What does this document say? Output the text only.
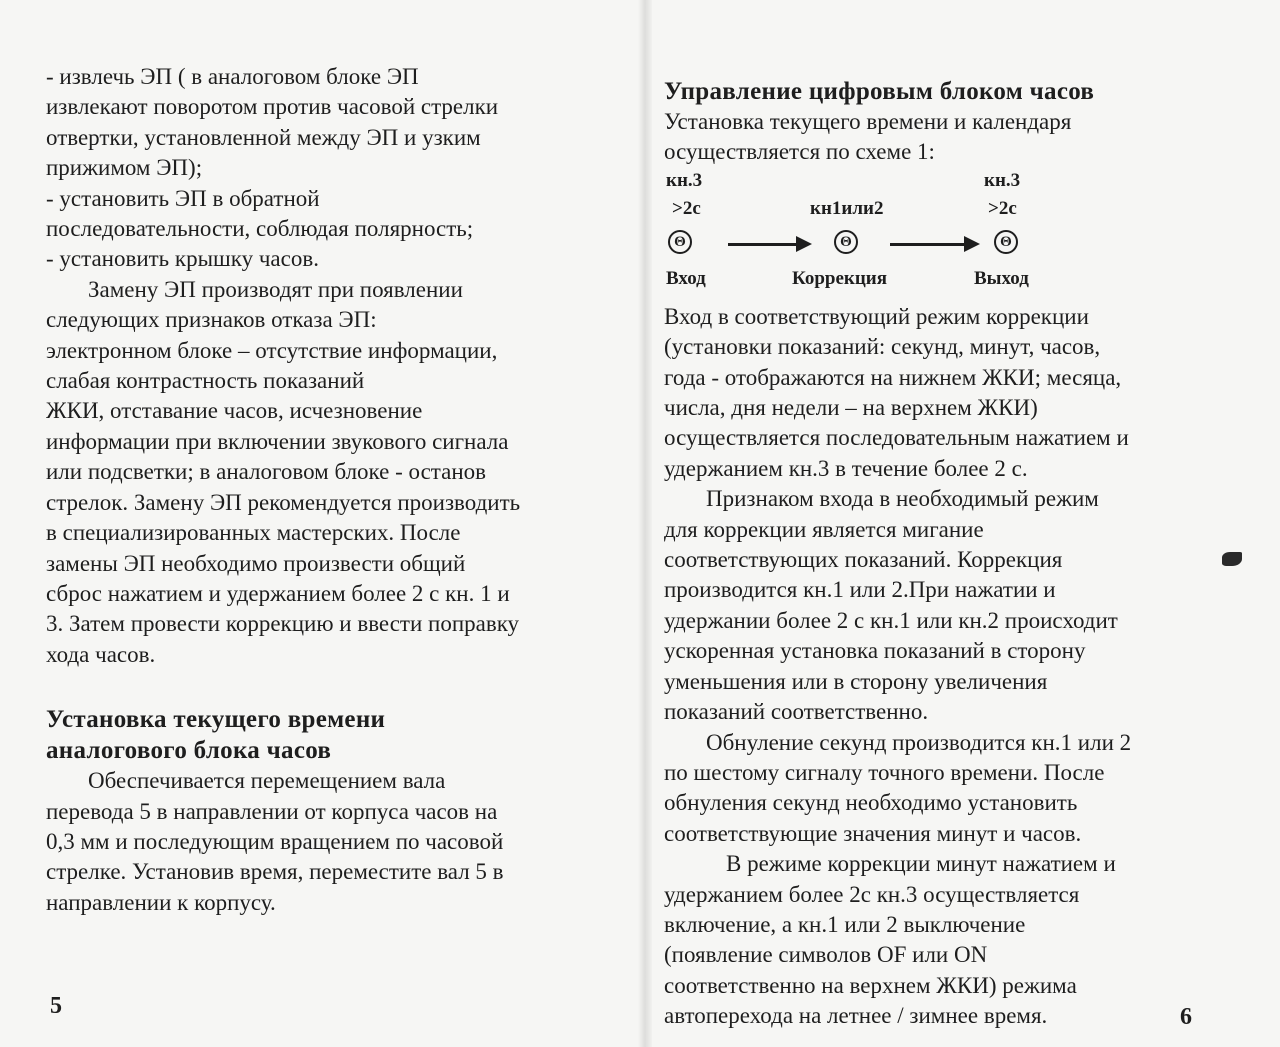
- извлечь ЭП ( в аналоговом блоке ЭП
извлекают поворотом против часовой стрелки
отвертки, установленной между ЭП и узким
прижимом ЭП);
- установить ЭП в обратной
последовательности, соблюдая полярность;
- установить крышку часов.

Замену ЭП производят при появлении
следующих признаков отказа ЭП:
электронном блоке – отсутствие информации,
слабая контрастность показаний
ЖКИ, отставание часов, исчезновение
информации при включении звукового сигнала
или подсветки; в аналоговом блоке - останов
стрелок. Замену ЭП рекомендуется производить
в специализированных мастерских. После
замены ЭП необходимо произвести общий
сброс нажатием и удержанием более 2 с кн. 1 и
3. Затем провести коррекцию и ввести поправку
хода часов.

Установка текущего времени
аналогового блока часов

Обеспечивается перемещением вала
перевода 5 в направлении от корпуса часов на
0,3 мм и последующим вращением по часовой
стрелке. Установив время, переместите вал 5 в
направлении к корпусу.

5
Управление цифровым блоком часов

Установка текущего времени и календаря
осуществляется по схеме 1:

кн.3
>2с	кн1или2
кн.3
>2с
Θ	Θ	Θ
Вход	Коррекция	Выход

Вход в соответствующий режим коррекции
(установки показаний: секунд, минут, часов,
года - отображаются на нижнем ЖКИ; месяца,
числа, дня недели – на верхнем ЖКИ)
осуществляется последовательным нажатием и
удержанием кн.3 в течение более 2 с.

Признаком входа в необходимый режим
для коррекции является мигание
соответствующих показаний. Коррекция
производится кн.1 или 2.При нажатии и
удержании более 2 с кн.1 или кн.2 происходит
ускоренная установка показаний в сторону
уменьшения или в сторону увеличения
показаний соответственно.

Обнуление секунд производится кн.1 или 2
по шестому сигналу точного времени. После
обнуления секунд необходимо установить
соответствующие значения минут и часов.

В режиме коррекции минут нажатием и
удержанием более 2с кн.3 осуществляется
включение, а кн.1 или 2 выключение
(появление символов OF или ON
соответственно на верхнем ЖКИ) режима
автоперехода на летнее / зимнее время.	6
